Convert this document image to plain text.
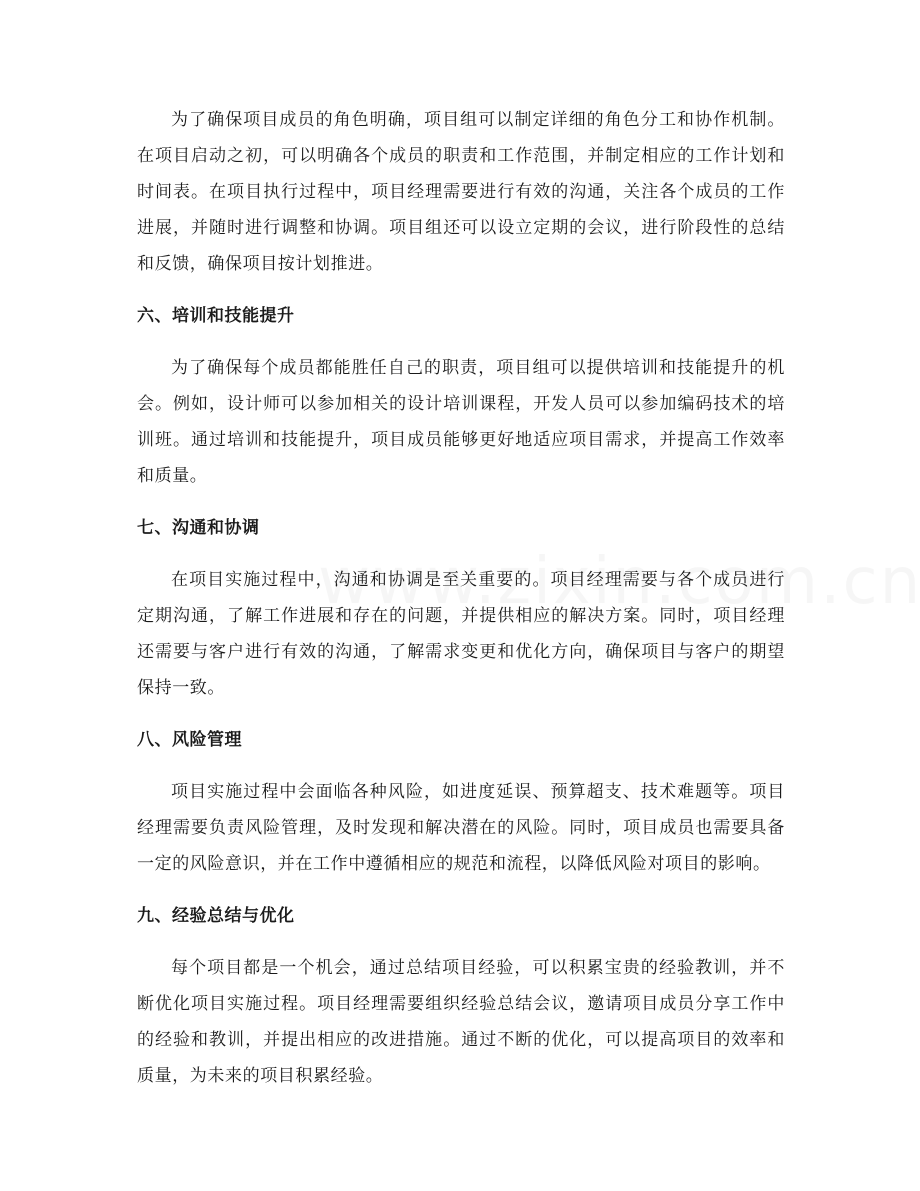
为了确保项目成员的角色明确，项目组可以制定详细的角色分工和协作机制。在项目启动之初，可以明确各个成员的职责和工作范围，并制定相应的工作计划和时间表。在项目执行过程中，项目经理需要进行有效的沟通，关注各个成员的工作进展，并随时进行调整和协调。项目组还可以设立定期的会议，进行阶段性的总结和反馈，确保项目按计划推进。

六、培训和技能提升

为了确保每个成员都能胜任自己的职责，项目组可以提供培训和技能提升的机会。例如，设计师可以参加相关的设计培训课程，开发人员可以参加编码技术的培训班。通过培训和技能提升，项目成员能够更好地适应项目需求，并提高工作效率和质量。

七、沟通和协调

在项目实施过程中，沟通和协调是至关重要的。项目经理需要与各个成员进行定期沟通，了解工作进展和存在的问题，并提供相应的解决方案。同时，项目经理还需要与客户进行有效的沟通，了解需求变更和优化方向，确保项目与客户的期望保持一致。

八、风险管理

项目实施过程中会面临各种风险，如进度延误、预算超支、技术难题等。项目经理需要负责风险管理，及时发现和解决潜在的风险。同时，项目成员也需要具备一定的风险意识，并在工作中遵循相应的规范和流程，以降低风险对项目的影响。

九、经验总结与优化

每个项目都是一个机会，通过总结项目经验，可以积累宝贵的经验教训，并不断优化项目实施过程。项目经理需要组织经验总结会议，邀请项目成员分享工作中的经验和教训，并提出相应的改进措施。通过不断的优化，可以提高项目的效率和质量，为未来的项目积累经验。
